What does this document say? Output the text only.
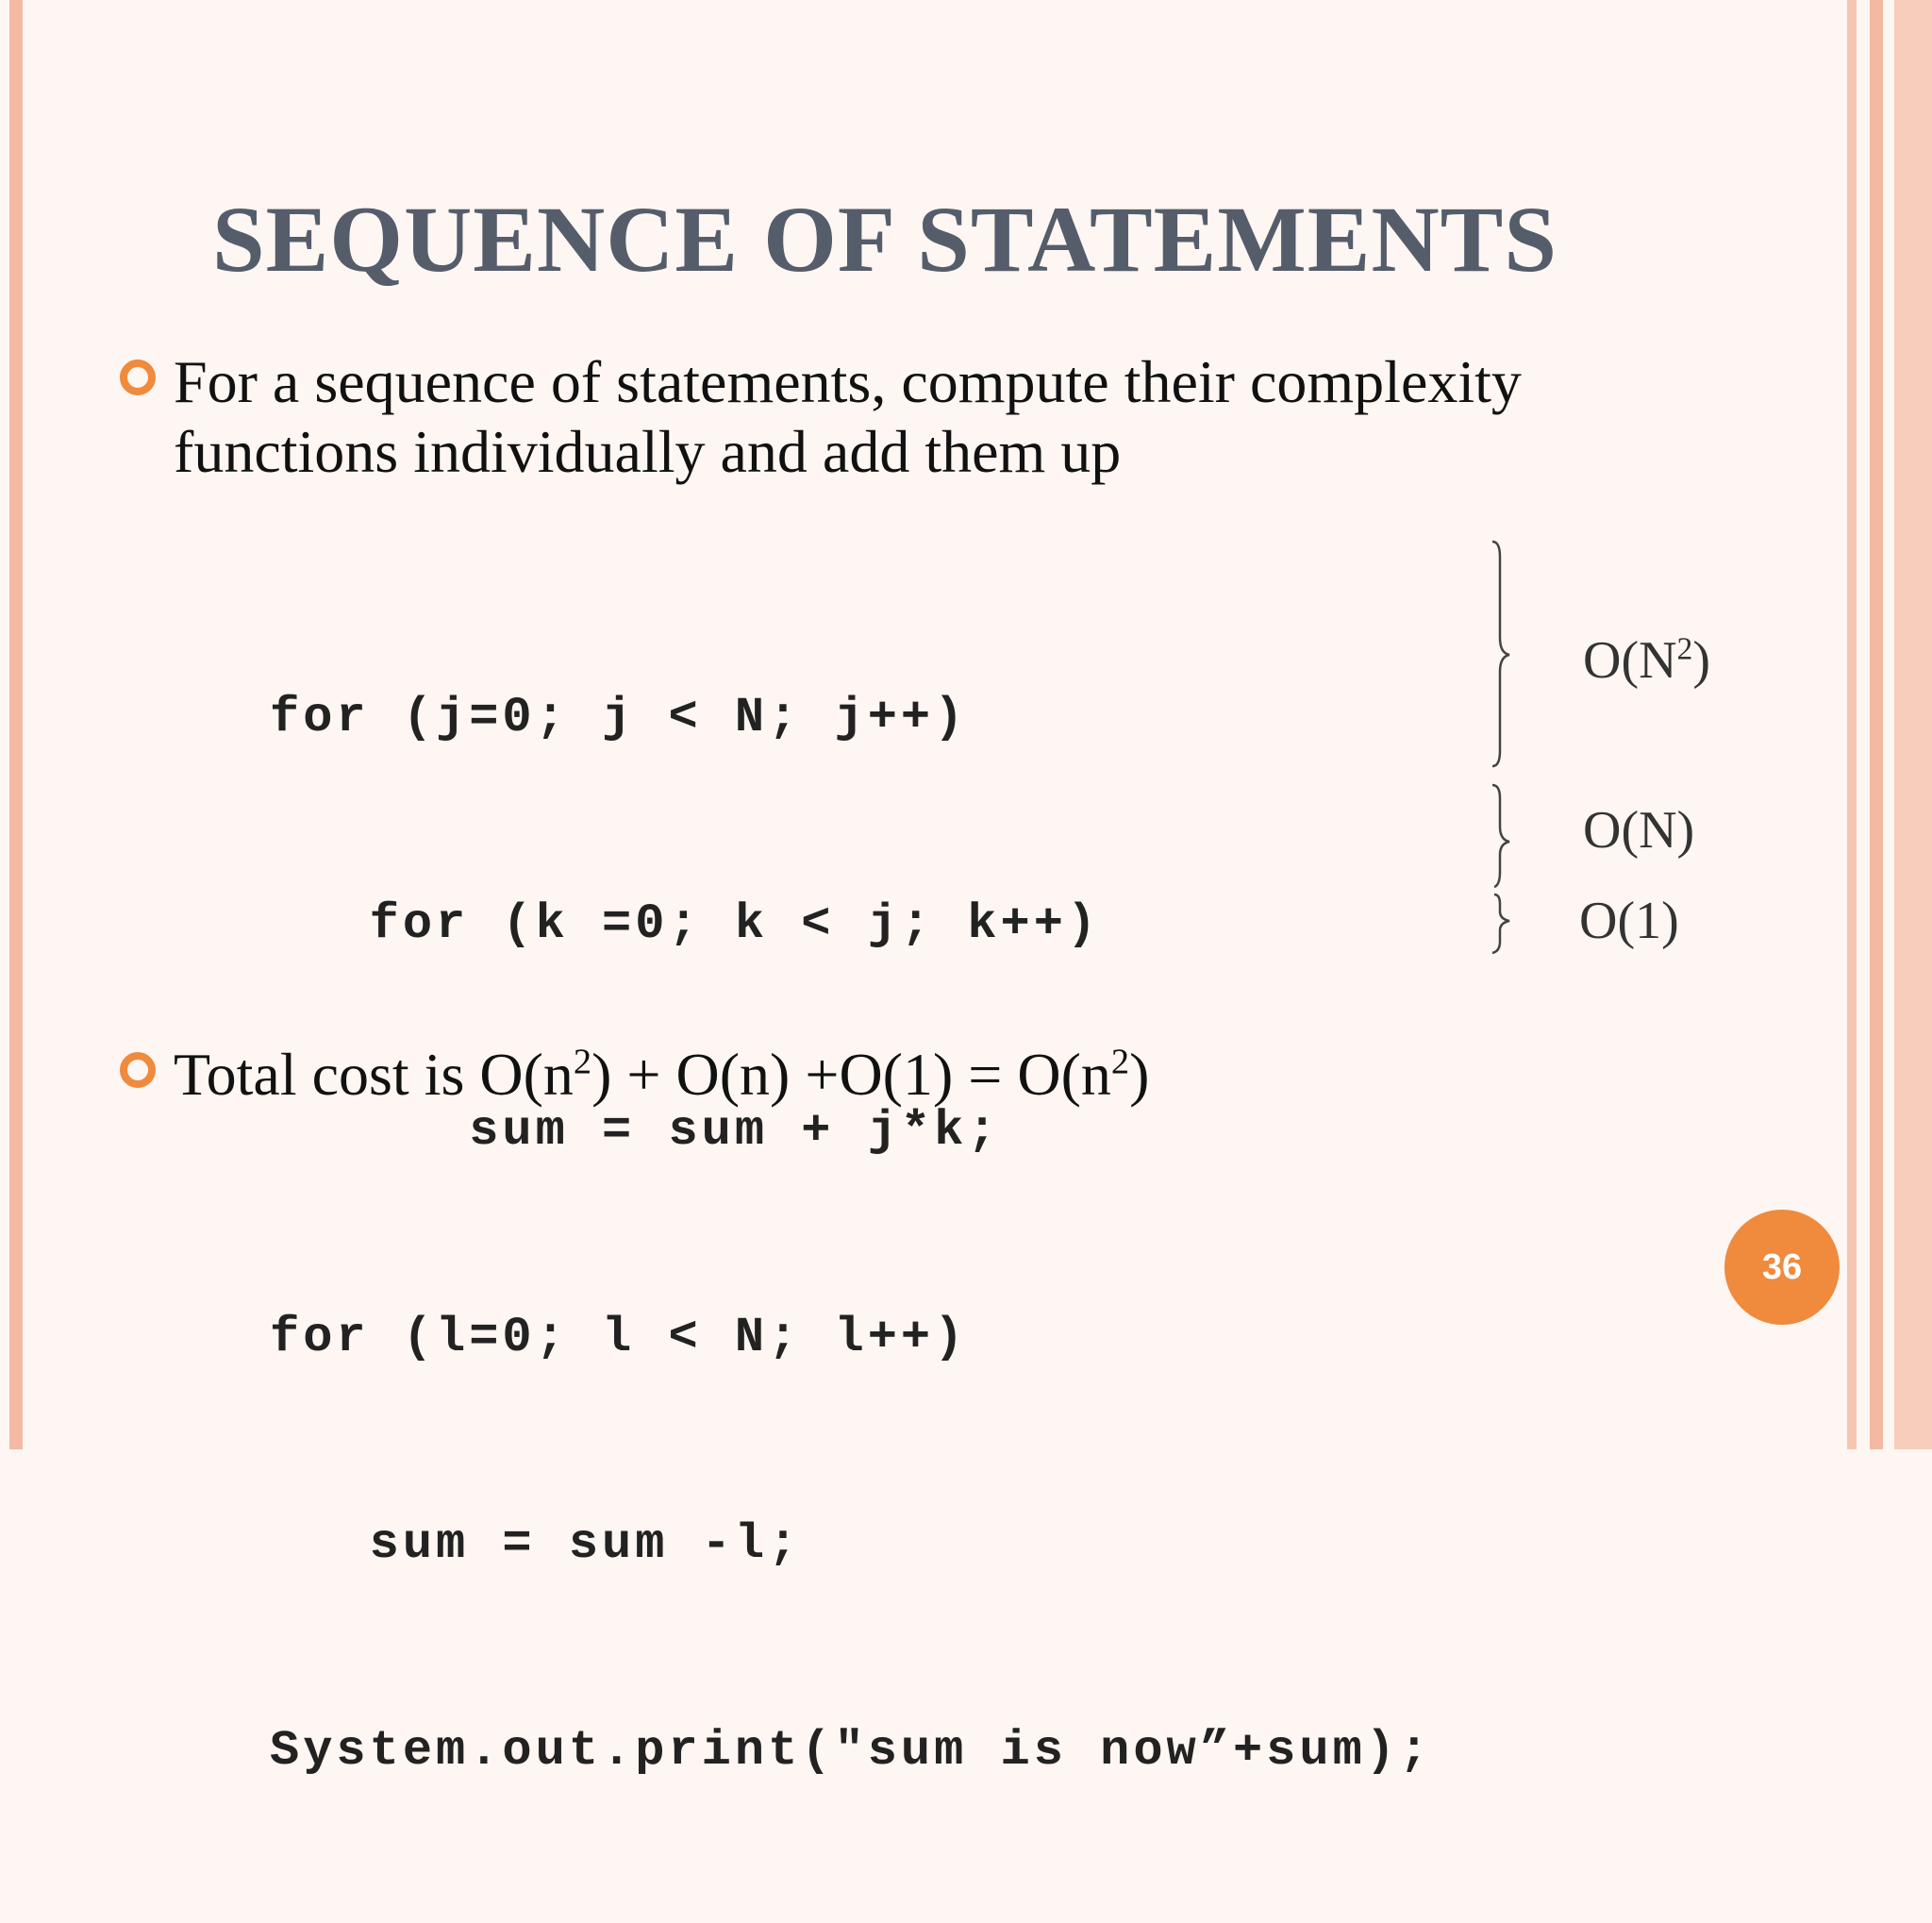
SEQUENCE OF STATEMENTS
For a sequence of statements, compute their complexity
functions individually and add them up

for (j=0; j < N; j++)

for (k =0; k < j; k++)

sum = sum + j*k;

for (l=0; l < N; l++)

sum = sum -l;

System.out.print("sum is now”+sum);

$O(N^2)$
O(N)
O(1)
Total cost is $O(n^2) + O(n) +O(1) = O(n^2)$
36
